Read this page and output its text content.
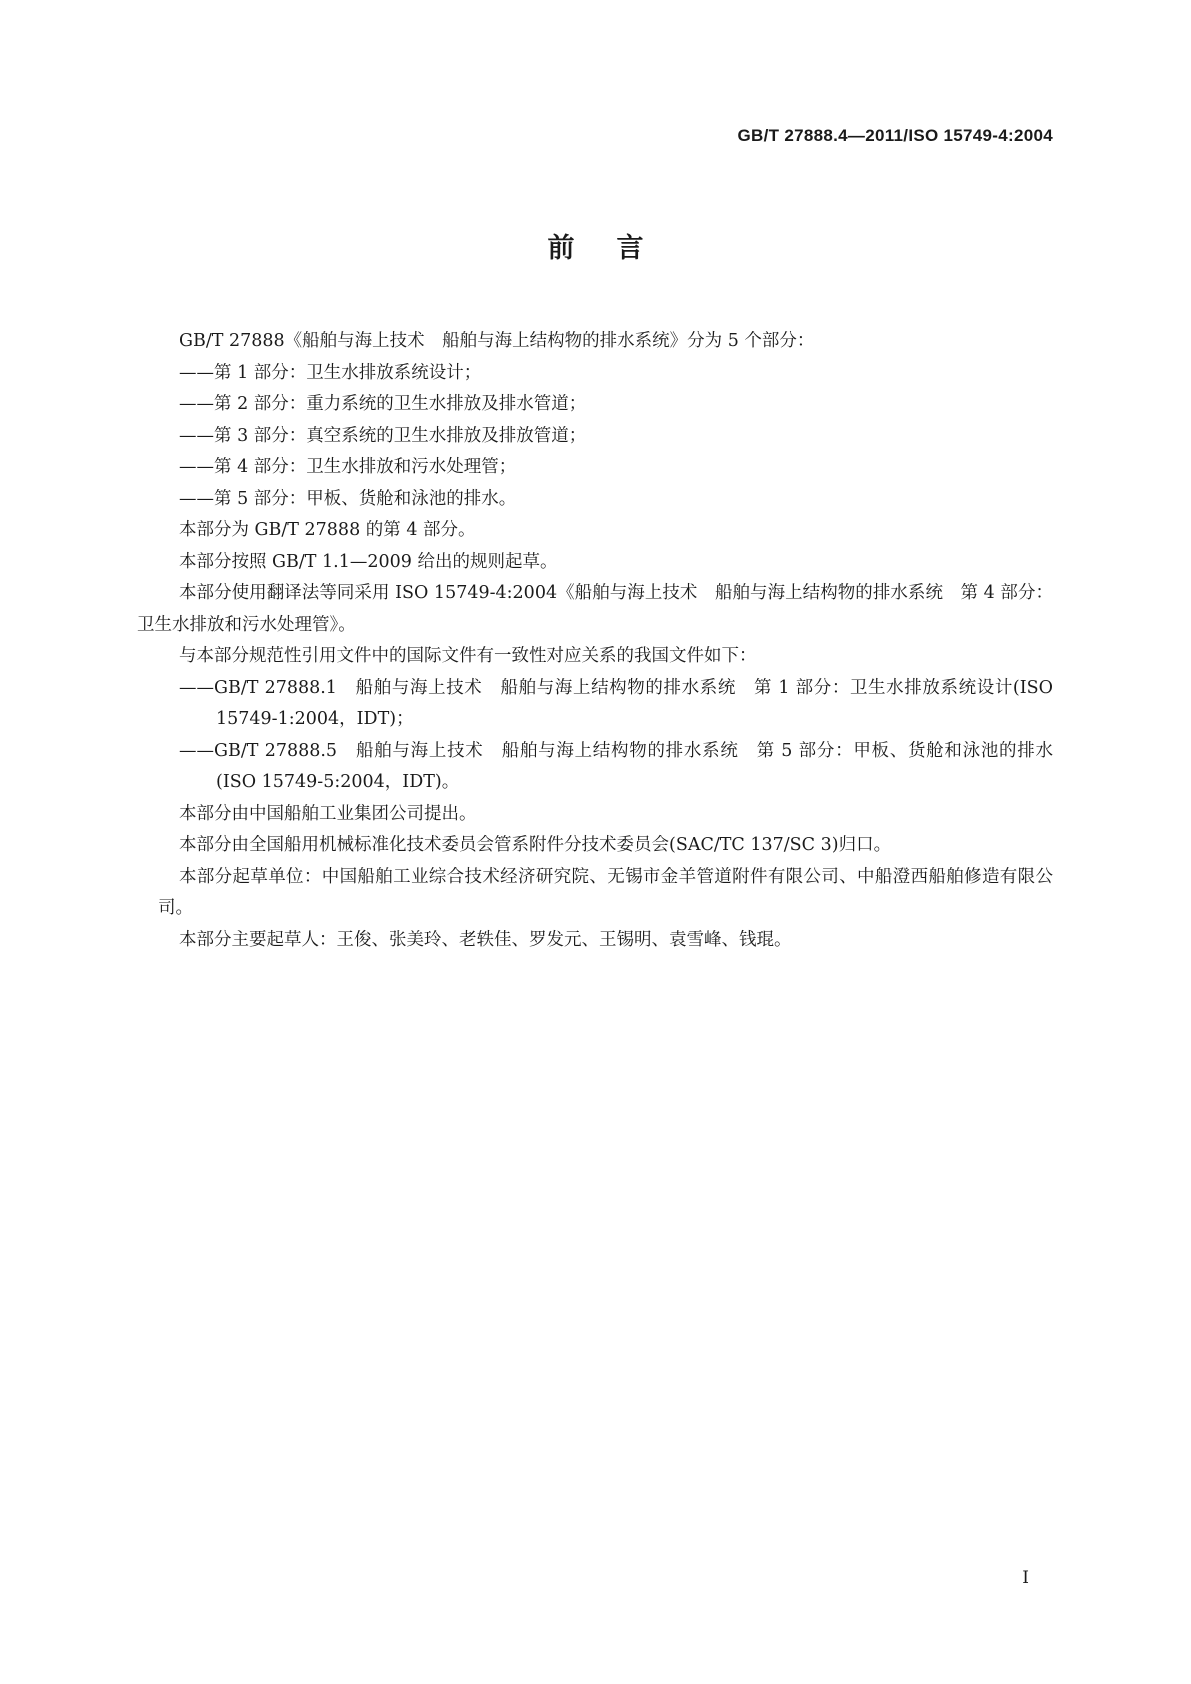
GB/T 27888.4—2011/ISO 15749-4:2004
前言

GB/T 27888《船舶与海上技术　船舶与海上结构物的排水系统》分为 5 个部分：

——第 1 部分：卫生水排放系统设计；

——第 2 部分：重力系统的卫生水排放及排水管道；

——第 3 部分：真空系统的卫生水排放及排放管道；

——第 4 部分：卫生水排放和污水处理管；

——第 5 部分：甲板、货舱和泳池的排水。

本部分为 GB/T 27888 的第 4 部分。

本部分按照 GB/T 1.1—2009 给出的规则起草。

本部分使用翻译法等同采用 ISO 15749-4:2004《船舶与海上技术　船舶与海上结构物的排水系统　第 4 部分：卫生水排放和污水处理管》。

与本部分规范性引用文件中的国际文件有一致性对应关系的我国文件如下：

——GB/T 27888.1　船舶与海上技术　船舶与海上结构物的排水系统　第 1 部分：卫生水排放系统设计(ISO 15749-1:2004，IDT)；

——GB/T 27888.5　船舶与海上技术　船舶与海上结构物的排水系统　第 5 部分：甲板、货舱和泳池的排水(ISO 15749-5:2004，IDT)。

本部分由中国船舶工业集团公司提出。

本部分由全国船用机械标准化技术委员会管系附件分技术委员会(SAC/TC 137/SC 3)归口。

本部分起草单位：中国船舶工业综合技术经济研究院、无锡市金羊管道附件有限公司、中船澄西船舶修造有限公司。

本部分主要起草人：王俊、张美玲、老轶佳、罗发元、王锡明、袁雪峰、钱琨。

I
